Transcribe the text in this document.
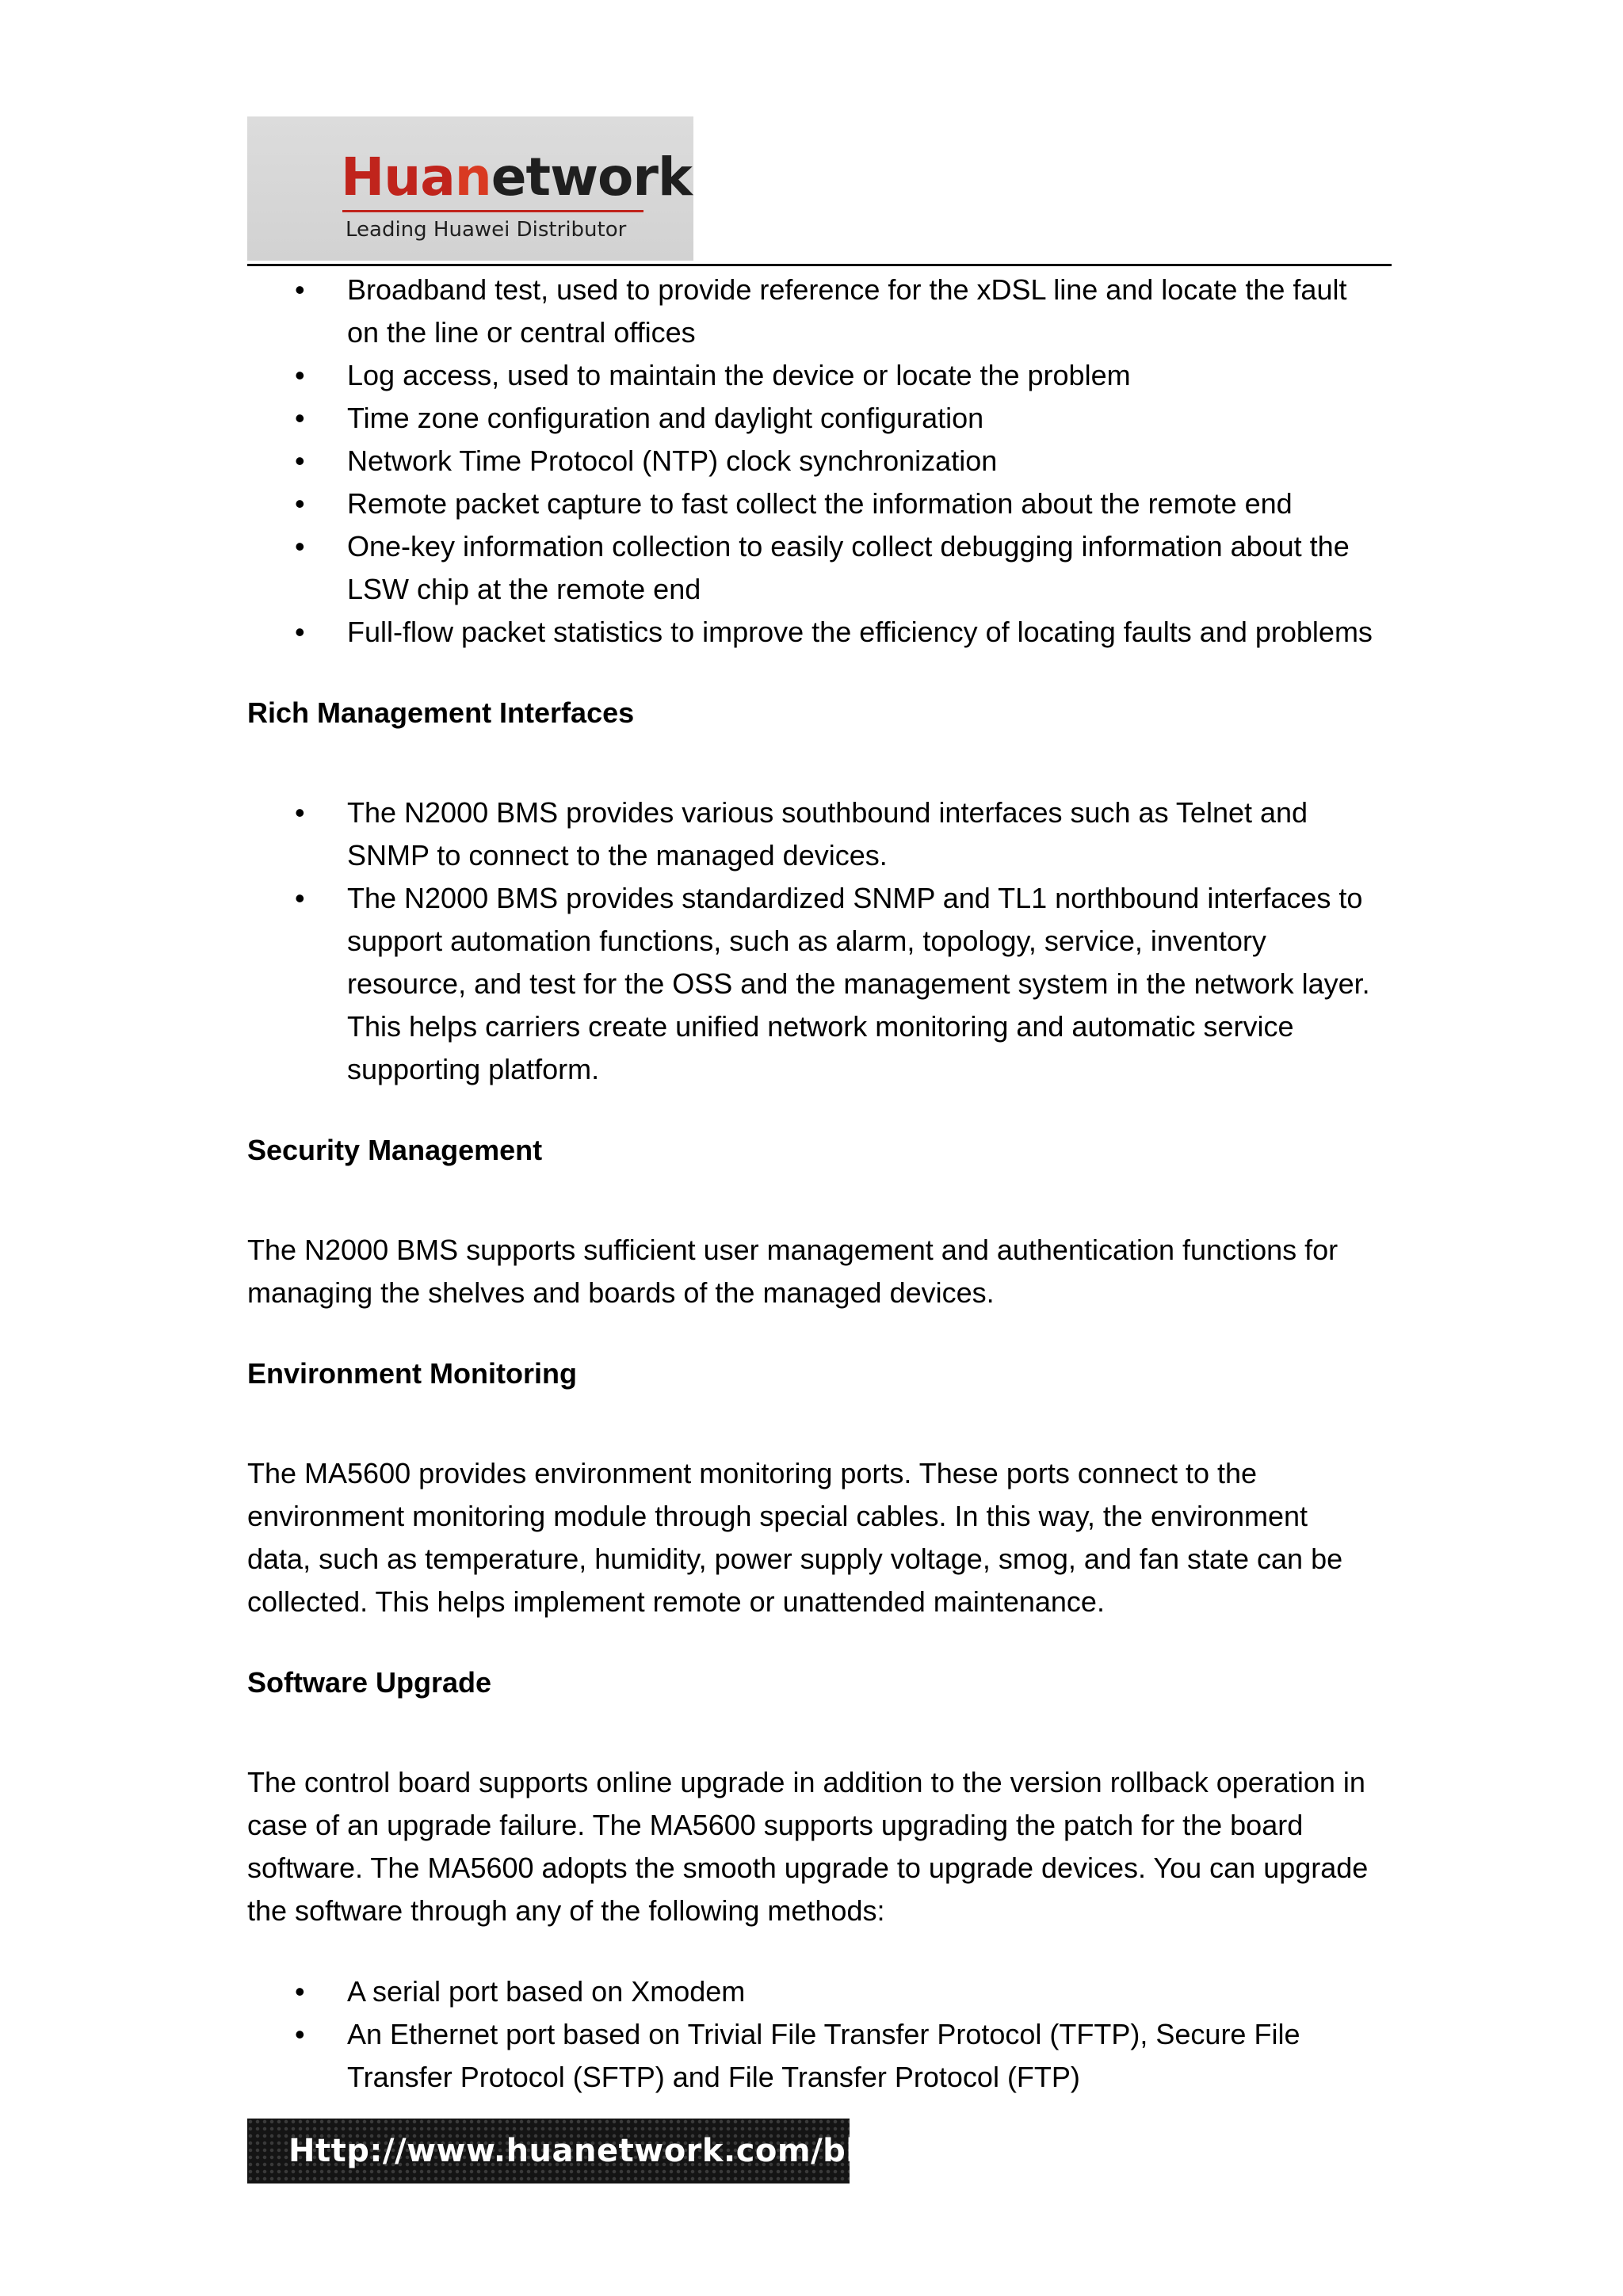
Huanetwork
Leading Huawei Distributor
• Broadband test, used to provide reference for the xDSL line and locate the fault
on the line or central offices
• Log access, used to maintain the device or locate the problem
• Time zone configuration and daylight configuration
• Network Time Protocol (NTP) clock synchronization
• Remote packet capture to fast collect the information about the remote end
• One-key information collection to easily collect debugging information about the
LSW chip at the remote end
• Full-flow packet statistics to improve the efficiency of locating faults and problems
Rich Management Interfaces
• The N2000 BMS provides various southbound interfaces such as Telnet and
SNMP to connect to the managed devices.
• The N2000 BMS provides standardized SNMP and TL1 northbound interfaces to
support automation functions, such as alarm, topology, service, inventory
resource, and test for the OSS and the management system in the network layer.
This helps carriers create unified network monitoring and automatic service
supporting platform.
Security Management

The N2000 BMS supports sufficient user management and authentication functions for
managing the shelves and boards of the managed devices.

Environment Monitoring

The MA5600 provides environment monitoring ports. These ports connect to the
environment monitoring module through special cables. In this way, the environment
data, such as temperature, humidity, power supply voltage, smog, and fan state can be
collected. This helps implement remote or unattended maintenance.

Software Upgrade

The control board supports online upgrade in addition to the version rollback operation in
case of an upgrade failure. The MA5600 supports upgrading the patch for the board
software. The MA5600 adopts the smooth upgrade to upgrade devices. You can upgrade
the software through any of the following methods:

• A serial port based on Xmodem
• An Ethernet port based on Trivial File Transfer Protocol (TFTP), Secure File
Transfer Protocol (SFTP) and File Transfer Protocol (FTP)
Http://www.huanetwork.com/blog
